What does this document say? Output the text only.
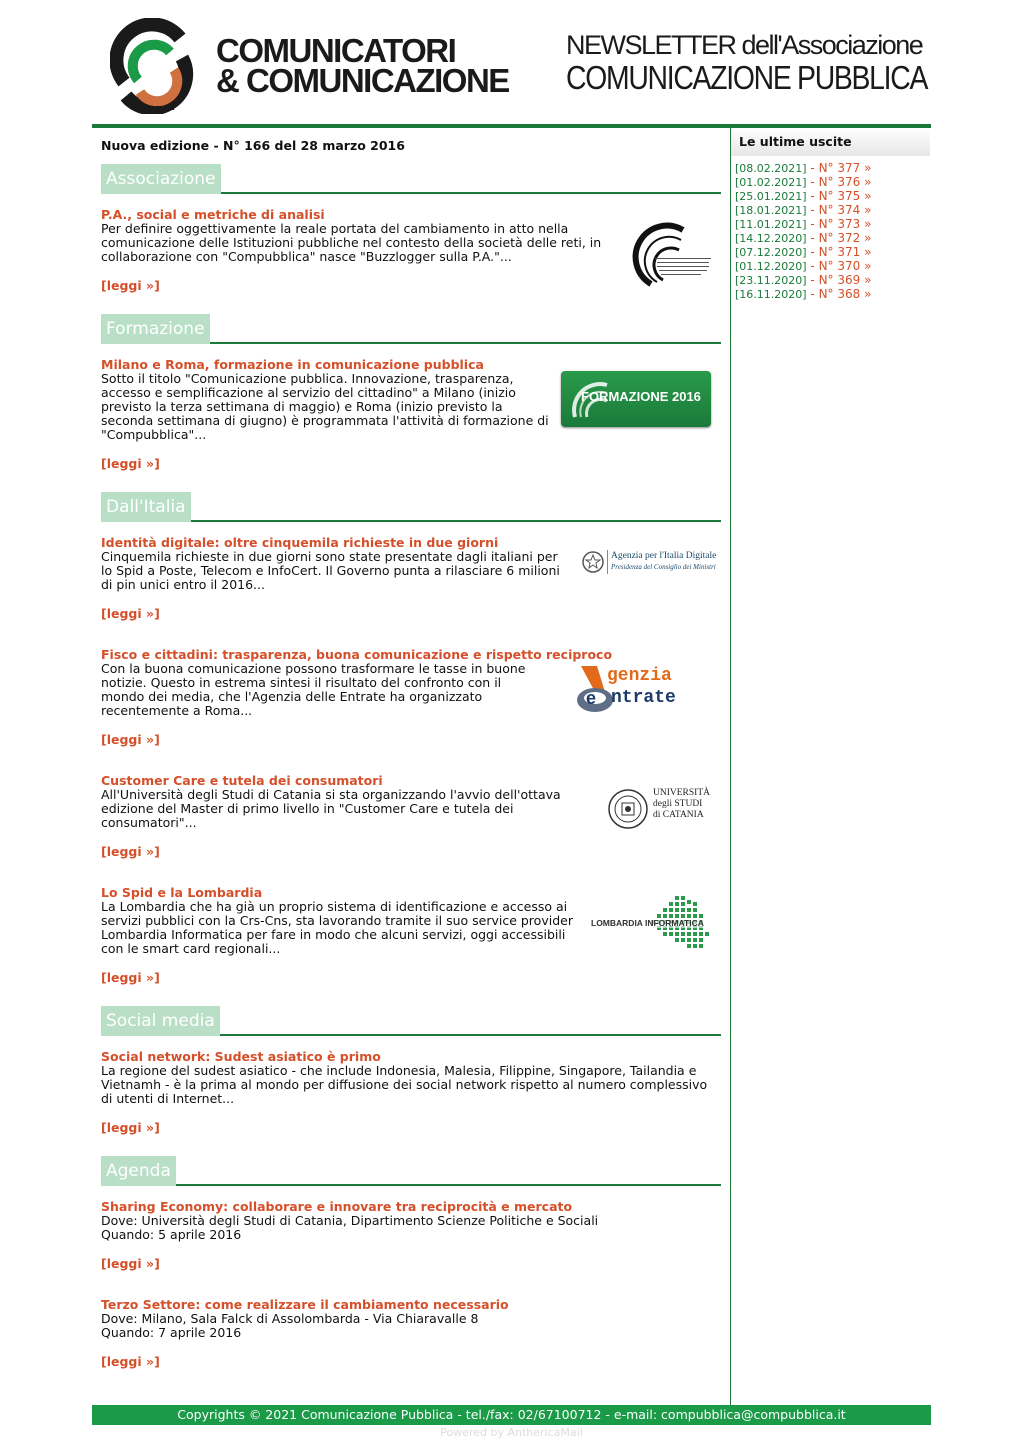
COMUNICATORI
& COMUNICAZIONE
NEWSLETTER dell'Associazione
COMUNICAZIONE PUBBLICA
Nuova edizione - N° 166 del 28 marzo 2016
Associazione
P.A., social e metriche di analisi
Per definire oggettivamente la reale portata del cambiamento in atto nella comunicazione delle Istituzioni pubbliche nel contesto della società delle reti, in collaborazione con "Compubblica" nasce "Buzzlogger sulla P.A."...
[leggi »]
Formazione
Milano e Roma, formazione in comunicazione pubblica
Sotto il titolo "Comunicazione pubblica. Innovazione, trasparenza, accesso e semplificazione al servizio del cittadino" a Milano (inizio previsto la terza settimana di maggio) e Roma (inizio previsto la seconda settimana di giugno) è programmata l'attività di formazione di "Compubblica"...
[leggi »]
FORMAZIONE 2016
Dall'Italia
Identità digitale: oltre cinquemila richieste in due giorni
Cinquemila richieste in due giorni sono state presentate dagli italiani per lo Spid a Poste, Telecom e InfoCert. Il Governo punta a rilasciare 6 milioni di pin unici entro il 2016...
[leggi »]
Agenzia per l'Italia Digitale
Presidenza del Consiglio dei Ministri
Fisco e cittadini: trasparenza, buona comunicazione e rispetto reciproco
Con la buona comunicazione possono trasformare le tasse in buone notizie. Questo in estrema sintesi il risultato del confronto con il mondo dei media, che l'Agenzia delle Entrate ha organizzato recentemente a Roma...
[leggi »]
e
genzia
ntrate
Customer Care e tutela dei consumatori
All'Università degli Studi di Catania si sta organizzando l'avvio dell'ottava edizione del Master di primo livello in "Customer Care e tutela dei consumatori"...
[leggi »]
UNIVERSITÀ
degli STUDI
di CATANIA
Lo Spid e la Lombardia
La Lombardia che ha già un proprio sistema di identificazione e accesso ai servizi pubblici con la Crs-Cns, sta lavorando tramite il suo service provider Lombardia Informatica per fare in modo che alcuni servizi, oggi accessibili con le smart card regionali...
[leggi »]
LOMBARDIA INFORMATICA
Social media
Social network: Sudest asiatico è primo
La regione del sudest asiatico - che include Indonesia, Malesia, Filippine, Singapore, Tailandia e Vietnamh - è la prima al mondo per diffusione dei social network rispetto al numero complessivo di utenti di Internet...
[leggi »]
Agenda
Sharing Economy: collaborare e innovare tra reciprocità e mercato
Dove: Università degli Studi di Catania, Dipartimento Scienze Politiche e Sociali
Quando: 5 aprile 2016
[leggi »]
Terzo Settore: come realizzare il cambiamento necessario
Dove: Milano, Sala Falck di Assolombarda - Via Chiaravalle 8
Quando: 7 aprile 2016
[leggi »]
Le ultime uscite
[08.02.2021] - N° 377 »
[01.02.2021] - N° 376 »
[25.01.2021] - N° 375 »
[18.01.2021] - N° 374 »
[11.01.2021] - N° 373 »
[14.12.2020] - N° 372 »
[07.12.2020] - N° 371 »
[01.12.2020] - N° 370 »
[23.11.2020] - N° 369 »
[16.11.2020] - N° 368 »
Copyrights © 2021 Comunicazione Pubblica - tel./fax: 02/67100712 - e-mail: compubblica@compubblica.it
Powered by AnthericaMail
